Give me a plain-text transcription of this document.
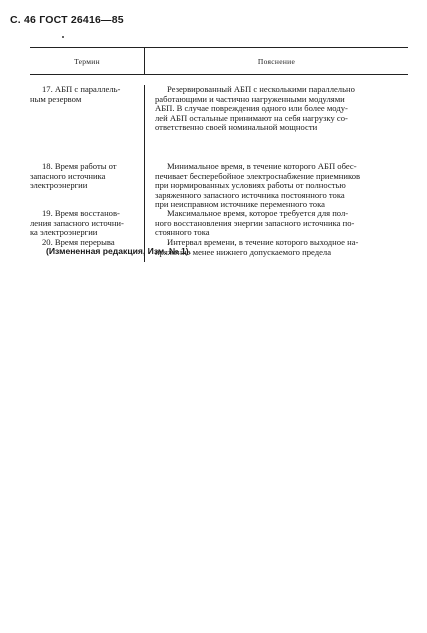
С. 46 ГОСТ 26416—85
Термин	Пояснение
17. АБП с параллель-
ным резервом
18. Время работы от
запасного источника
электроэнергии
19. Время восстанов-
ления запасного источни-
ка электроэнергии
20. Время перерыва
Резервированный АБП с несколькими параллельно
работающими и частично нагруженными модулями
АБП. В случае повреждения одного или более моду-
лей АБП остальные принимают на себя нагрузку со-
ответственно своей номинальной мощности
Минимальное время, в течение которого АБП обес-
печивает бесперебойное электроснабжение приемников
при нормированных условиях работы от полностью
заряженного запасного источника постоянного тока
при неисправном источнике переменного тока
Максимальное время, которое требуется для пол-
ного восстановления энергии запасного источника по-
стоянного тока
Интервал времени, в течение которого выходное на-
пряжение менее нижнего допускаемого предела
(Измененная редакция, Изм. № 1).
